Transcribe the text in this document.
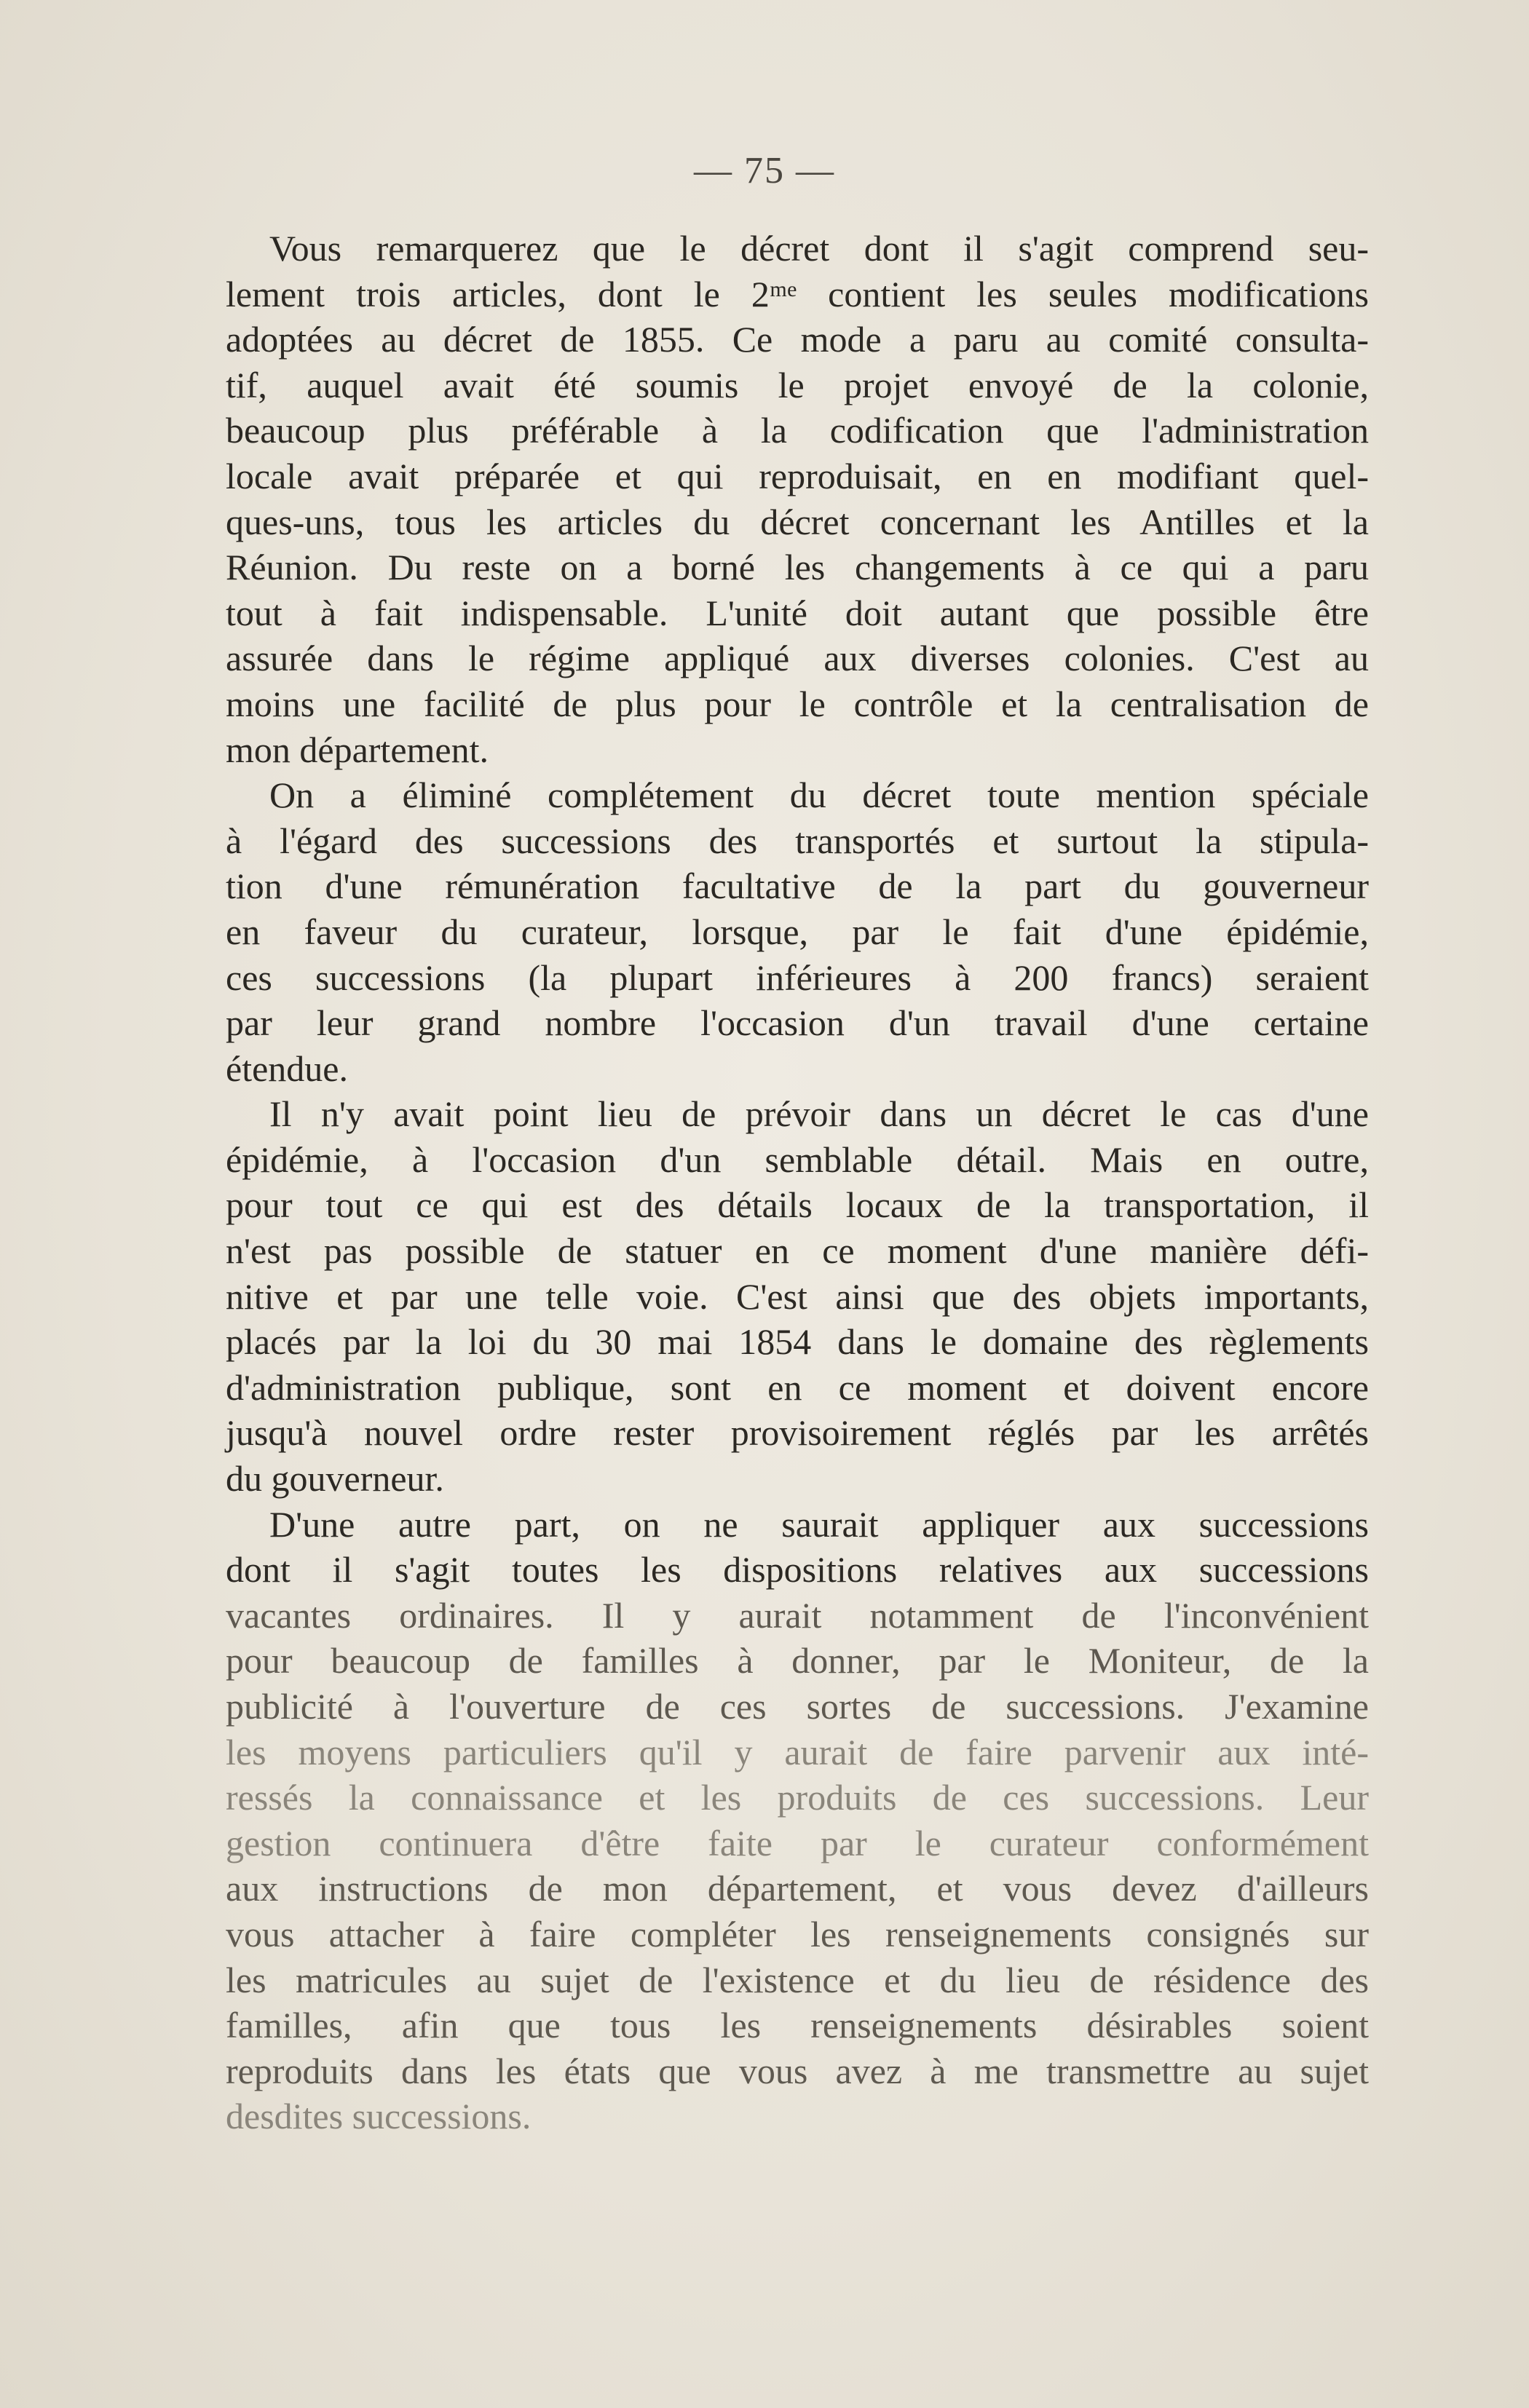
— 75 —
Vous remarquerez que le décret dont il s'agit comprend seu-
lement trois articles, dont le 2ᵐᵉ contient les seules modifications
adoptées au décret de 1855. Ce mode a paru au comité consulta-
tif, auquel avait été soumis le projet envoyé de la colonie,
beaucoup plus préférable à la codification que l'administration
locale avait préparée et qui reproduisait, en en modifiant quel-
ques-uns, tous les articles du décret concernant les Antilles et la
Réunion. Du reste on a borné les changements à ce qui a paru
tout à fait indispensable. L'unité doit autant que possible être
assurée dans le régime appliqué aux diverses colonies. C'est au
moins une facilité de plus pour le contrôle et la centralisation de
mon département.
On a éliminé complétement du décret toute mention spéciale
à l'égard des successions des transportés et surtout la stipula-
tion d'une rémunération facultative de la part du gouverneur
en faveur du curateur, lorsque, par le fait d'une épidémie,
ces successions (la plupart inférieures à 200 francs) seraient
par leur grand nombre l'occasion d'un travail d'une certaine
étendue.
Il n'y avait point lieu de prévoir dans un décret le cas d'une
épidémie, à l'occasion d'un semblable détail. Mais en outre,
pour tout ce qui est des détails locaux de la transportation, il
n'est pas possible de statuer en ce moment d'une manière défi-
nitive et par une telle voie. C'est ainsi que des objets importants,
placés par la loi du 30 mai 1854 dans le domaine des règlements
d'administration publique, sont en ce moment et doivent encore
jusqu'à nouvel ordre rester provisoirement réglés par les arrêtés
du gouverneur.
D'une autre part, on ne saurait appliquer aux successions
dont il s'agit toutes les dispositions relatives aux successions
vacantes ordinaires. Il y aurait notamment de l'inconvénient
pour beaucoup de familles à donner, par le Moniteur, de la
publicité à l'ouverture de ces sortes de successions. J'examine
les moyens particuliers qu'il y aurait de faire parvenir aux inté-
ressés la connaissance et les produits de ces successions. Leur
gestion continuera d'être faite par le curateur conformément
aux instructions de mon département, et vous devez d'ailleurs
vous attacher à faire compléter les renseignements consignés sur
les matricules au sujet de l'existence et du lieu de résidence des
familles, afin que tous les renseignements désirables soient
reproduits dans les états que vous avez à me transmettre au sujet
desdites successions.
